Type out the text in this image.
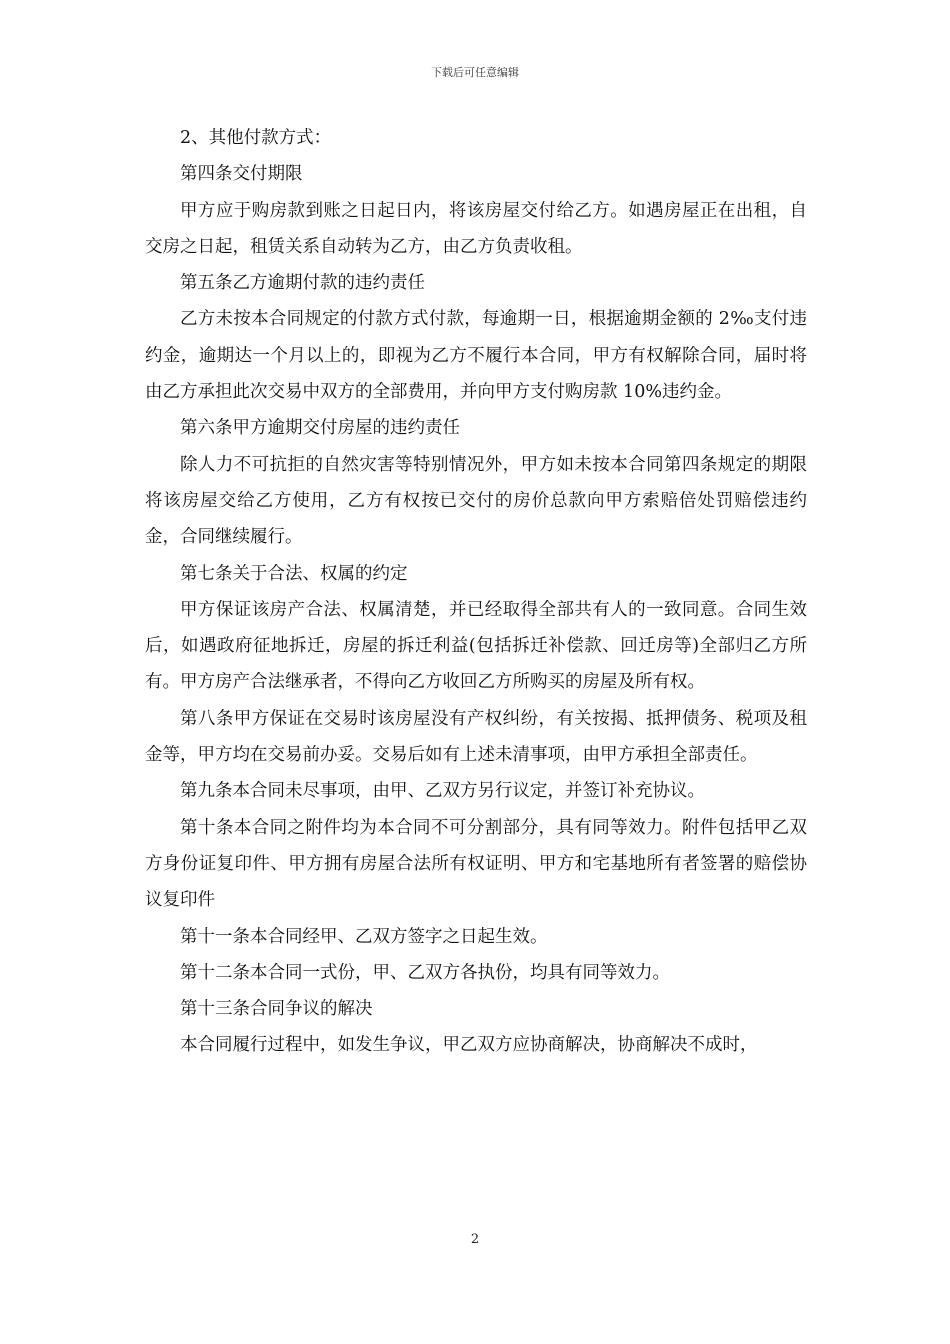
下载后可任意编辑

2、其他付款方式：

第四条交付期限

甲方应于购房款到账之日起日内，将该房屋交付给乙方。如遇房屋正在出租，自交房之日起，租赁关系自动转为乙方，由乙方负责收租。

第五条乙方逾期付款的违约责任

乙方未按本合同规定的付款方式付款，每逾期一日，根据逾期金额的 2‰支付违约金，逾期达一个月以上的，即视为乙方不履行本合同，甲方有权解除合同，届时将由乙方承担此次交易中双方的全部费用，并向甲方支付购房款 10%违约金。

第六条甲方逾期交付房屋的违约责任

除人力不可抗拒的自然灾害等特别情况外，甲方如未按本合同第四条规定的期限将该房屋交给乙方使用，乙方有权按已交付的房价总款向甲方索赔倍处罚赔偿违约金，合同继续履行。

第七条关于合法、权属的约定

甲方保证该房产合法、权属清楚，并已经取得全部共有人的一致同意。合同生效后，如遇政府征地拆迁，房屋的拆迁利益(包括拆迁补偿款、回迁房等)全部归乙方所有。甲方房产合法继承者，不得向乙方收回乙方所购买的房屋及所有权。

第八条甲方保证在交易时该房屋没有产权纠纷，有关按揭、抵押债务、税项及租金等，甲方均在交易前办妥。交易后如有上述未清事项，由甲方承担全部责任。

第九条本合同未尽事项，由甲、乙双方另行议定，并签订补充协议。

第十条本合同之附件均为本合同不可分割部分，具有同等效力。附件包括甲乙双方身份证复印件、甲方拥有房屋合法所有权证明、甲方和宅基地所有者签署的赔偿协议复印件

第十一条本合同经甲、乙双方签字之日起生效。

第十二条本合同一式份，甲、乙双方各执份，均具有同等效力。

第十三条合同争议的解决

本合同履行过程中，如发生争议，甲乙双方应协商解决，协商解决不成时，

2
